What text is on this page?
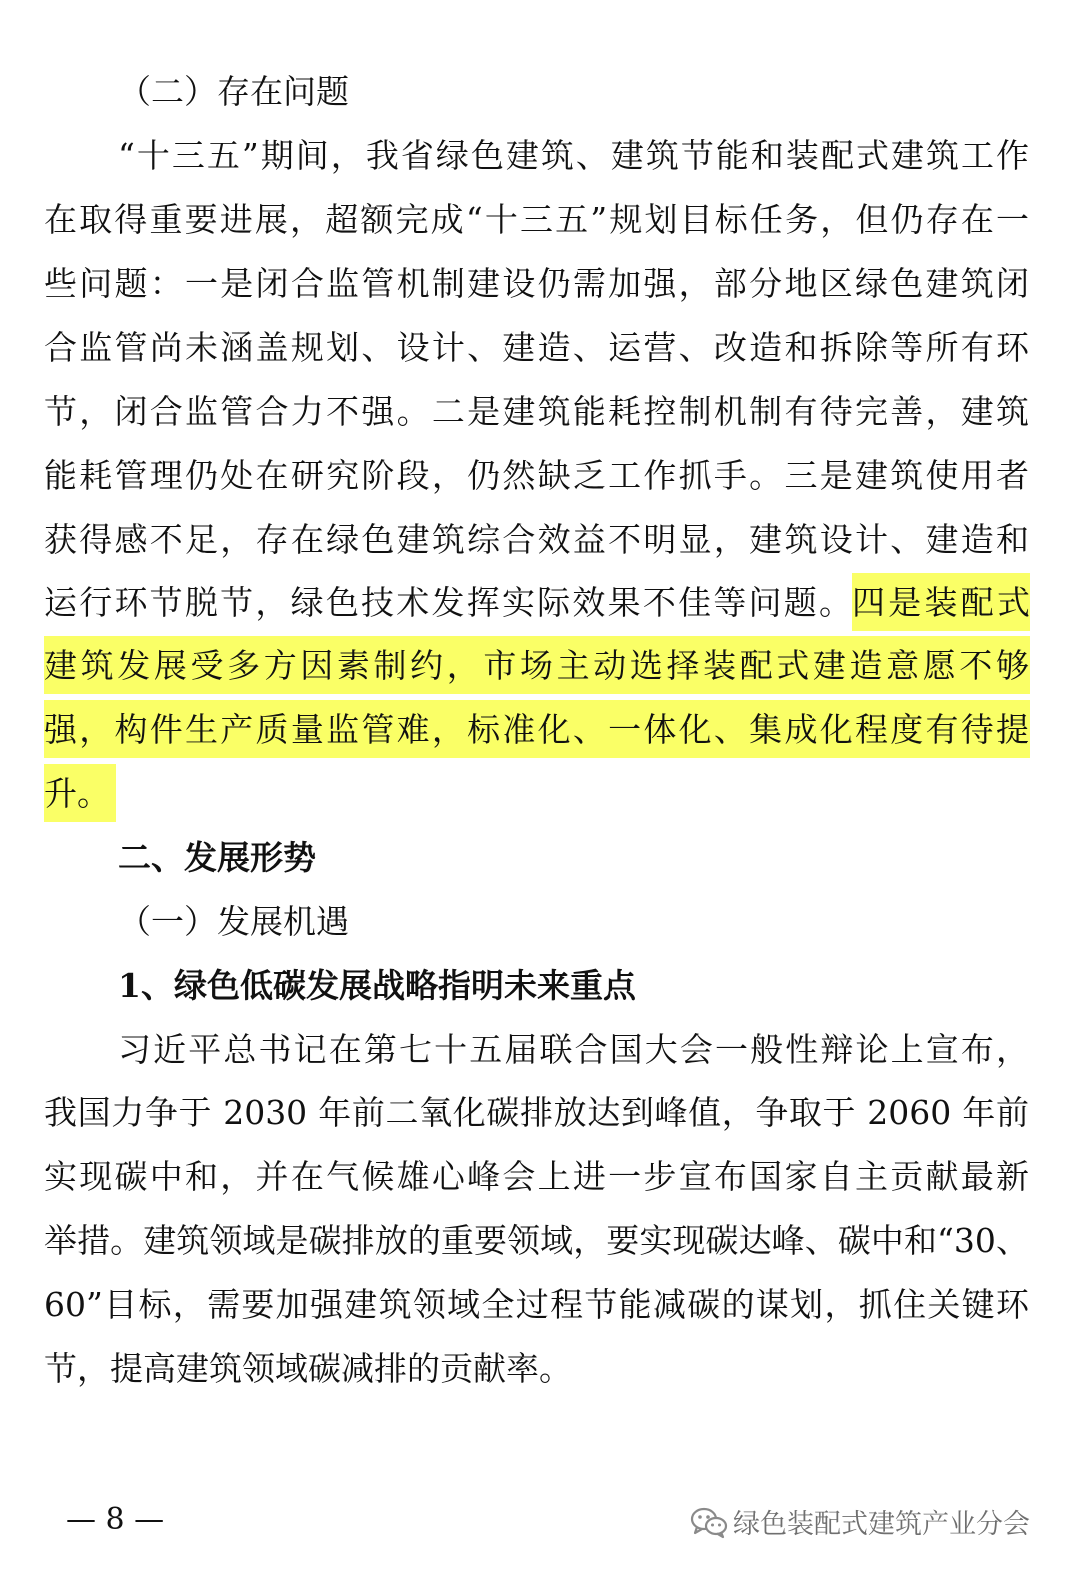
（二）存在问题
“十三五”期间，我省绿色建筑、建筑节能和装配式建筑工作
在取得重要进展，超额完成“十三五”规划目标任务，但仍存在一
些问题：一是闭合监管机制建设仍需加强，部分地区绿色建筑闭
合监管尚未涵盖规划、设计、建造、运营、改造和拆除等所有环
节，闭合监管合力不强。二是建筑能耗控制机制有待完善，建筑
能耗管理仍处在研究阶段，仍然缺乏工作抓手。三是建筑使用者
获得感不足，存在绿色建筑综合效益不明显，建筑设计、建造和
运行环节脱节，绿色技术发挥实际效果不佳等问题。 四是装配式
建筑发展受多方因素制约，市场主动选择装配式建造意愿不够
强，构件生产质量监管难，标准化、一体化、集成化程度有待提
升。
二、发展形势
（一）发展机遇
1、绿色低碳发展战略指明未来重点
习近平总书记在第七十五届联合国大会一般性辩论上宣布，
我国力争于 2030 年前二氧化碳排放达到峰值，争取于 2060 年前
实现碳中和，并在气候雄心峰会上进一步宣布国家自主贡献最新
举措。建筑领域是碳排放的重要领域，要实现碳达峰、碳中和“30、
60”目标，需要加强建筑领域全过程节能减碳的谋划，抓住关键环
节，提高建筑领域碳减排的贡献率。
— 8 —	绿色装配式建筑产业分会
